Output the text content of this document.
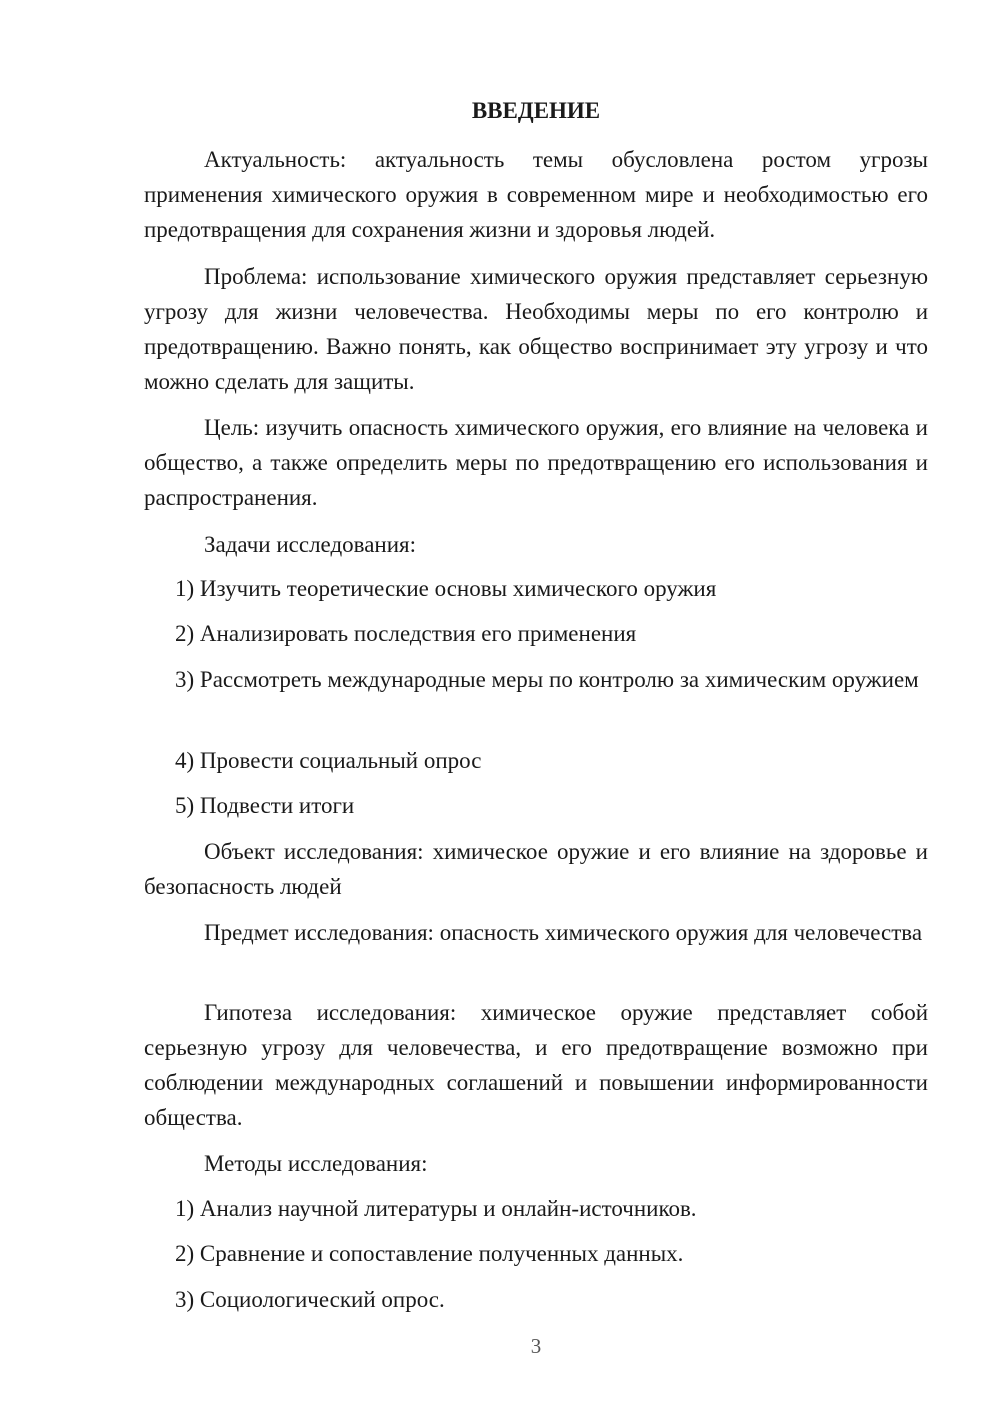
ВВЕДЕНИЕ
Актуальность: актуальность темы обусловлена ростом угрозы применения химического оружия в современном мире и необходимостью его предотвращения для сохранения жизни и здоровья людей.
Проблема: использование химического оружия представляет серьезную угрозу для жизни человечества. Необходимы меры по его контролю и предотвращению. Важно понять, как общество воспринимает эту угрозу и что можно сделать для защиты.
Цель: изучить опасность химического оружия, его влияние на человека и общество, а также определить меры по предотвращению его использования и распространения.
Задачи исследования:
1) Изучить теоретические основы химического оружия
2) Анализировать последствия его применения
3) Рассмотреть международные меры по контролю за химическим оружием
4) Провести социальный опрос
5) Подвести итоги
Объект исследования: химическое оружие и его влияние на здоровье и безопасность людей
Предмет исследования: опасность химического оружия для человечества
Гипотеза исследования: химическое оружие представляет собой серьезную угрозу для человечества, и его предотвращение возможно при соблюдении международных соглашений и повышении информированности общества.
Методы исследования:
1) Анализ научной литературы и онлайн-источников.
2) Сравнение и сопоставление полученных данных.
3) Социологический опрос.
3
